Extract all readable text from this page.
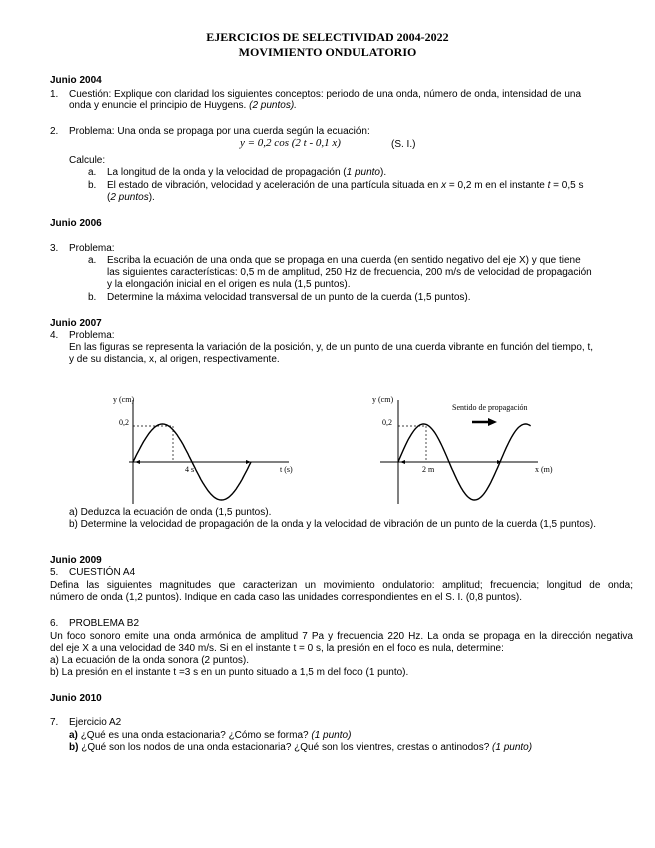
EJERCICIOS DE SELECTIVIDAD 2004-2022
MOVIMIENTO ONDULATORIO
Junio 2004
1. Cuestión: Explique con claridad los siguientes conceptos: periodo de una onda, número de onda, intensidad de una
onda y enuncie el principio de Huygens. (2 puntos).
2. Problema: Una onda se propaga por una cuerda según la ecuación:
y = 0,2 cos (2 t - 0,1 x)	(S. I.)
Calcule:
a. La longitud de la onda y la velocidad de propagación (1 punto).
b. El estado de vibración, velocidad y aceleración de una partícula situada en x = 0,2 m en el instante t = 0,5 s
(2 puntos).
Junio 2006
3. Problema:
a. Escriba la ecuación de una onda que se propaga en una cuerda (en sentido negativo del eje X) y que tiene
las siguientes características: 0,5 m de amplitud, 250 Hz de frecuencia, 200 m/s de velocidad de propagación
y la elongación inicial en el origen es nula (1,5 puntos).
b. Determine la máxima velocidad transversal de un punto de la cuerda (1,5 puntos).
Junio 2007
4. Problema:
En las figuras se representa la variación de la posición, y, de un punto de una cuerda vibrante en función del tiempo, t,
y de su distancia, x, al origen, respectivamente.
y (cm)
0,2
t (s)
4 s
y (cm)
0,2
x (m)
2 m
Sentido de propagación
a) Deduzca la ecuación de onda (1,5 puntos).
b) Determine la velocidad de propagación de la onda y la velocidad de vibración de un punto de la cuerda (1,5 puntos).
Junio 2009
5. CUESTIÓN A4
Defina las siguientes magnitudes que caracterizan un movimiento ondulatorio: amplitud; frecuencia; longitud de onda;
número de onda (1,2 puntos). Indique en cada caso las unidades correspondientes en el S. I. (0,8 puntos).
6. PROBLEMA B2
Un foco sonoro emite una onda armónica de amplitud 7 Pa y frecuencia 220 Hz. La onda se propaga en la dirección negativa
del eje X a una velocidad de 340 m/s. Si en el instante t = 0 s, la presión en el foco es nula, determine:
a) La ecuación de la onda sonora (2 puntos).
b) La presión en el instante t =3 s en un punto situado a 1,5 m del foco (1 punto).
Junio 2010
7. Ejercicio A2
a) ¿Qué es una onda estacionaria? ¿Cómo se forma? (1 punto)
b) ¿Qué son los nodos de una onda estacionaria? ¿Qué son los vientres, crestas o antinodos? (1 punto)
